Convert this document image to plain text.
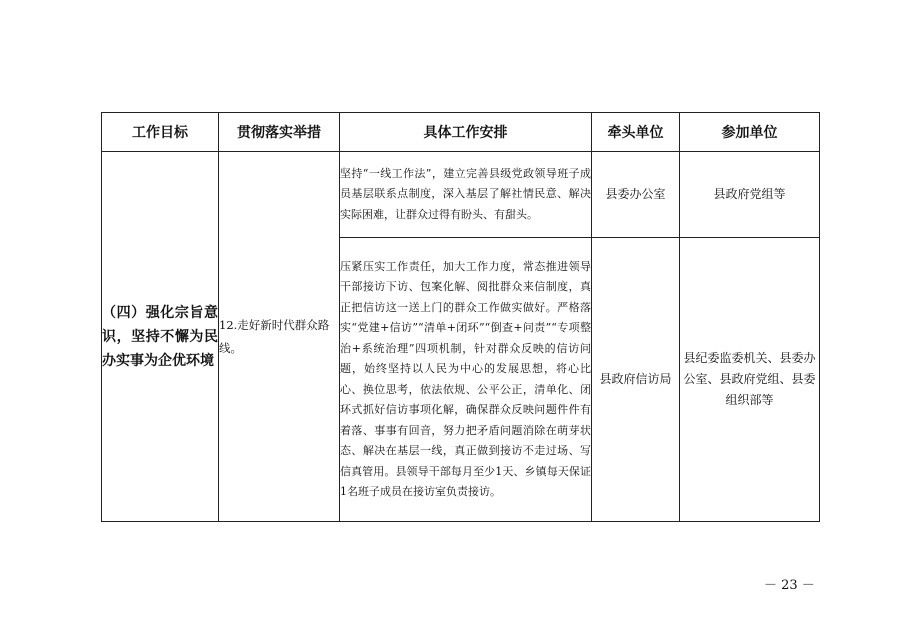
工作目标	贯彻落实举措	具体工作安排	牵头单位	参加单位
（四）强化宗旨意识，坚持不懈为民办实事为企优环境	12.走好新时代群众路线。	坚持“一线工作法”，建立完善县级党政领导班子成员基层联系点制度，深入基层了解社情民意、解决实际困难，让群众过得有盼头、有甜头。	县委办公室	县政府党组等
		压紧压实工作责任，加大工作力度，常态推进领导干部接访下访、包案化解、阅批群众来信制度，真正把信访这一送上门的群众工作做实做好。严格落实“党建+信访”“清单+闭环”“倒查+问责”“专项整治+系统治理”四项机制，针对群众反映的信访问题，始终坚持以人民为中心的发展思想，将心比心、换位思考，依法依规、公平公正，清单化、闭环式抓好信访事项化解，确保群众反映问题件件有着落、事事有回音，努力把矛盾问题消除在萌芽状态、解决在基层一线，真正做到接访不走过场、写信真管用。县领导干部每月至少1天、乡镇每天保证1名班子成员在接访室负责接访。	县政府信访局	县纪委监委机关、县委办公室、县政府党组、县委组织部等
－ 23 －
